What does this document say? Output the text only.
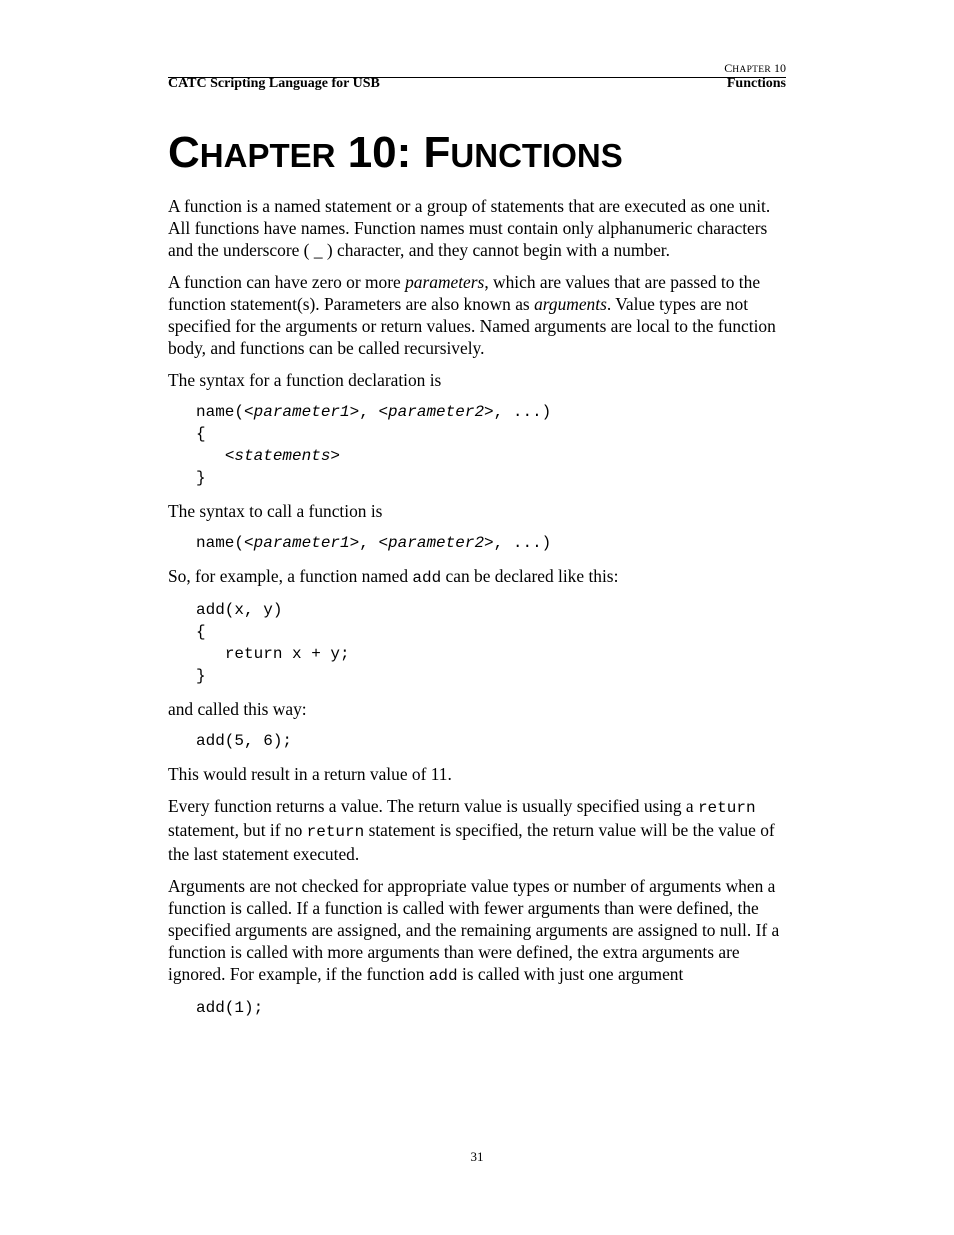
CHAPTER 10
CATC Scripting Language for USB	Functions
CHAPTER 10: FUNCTIONS

A function is a named statement or a group of statements that are executed as one unit. All functions have names. Function names must contain only alphanumeric characters and the underscore ( _ ) character, and they cannot begin with a number.

A function can have zero or more parameters, which are values that are passed to the function statement(s). Parameters are also known as arguments. Value types are not specified for the arguments or return values. Named arguments are local to the function body, and functions can be called recursively.

The syntax for a function declaration is

name(<parameter1>, <parameter2>, ...)
{
<statements>
}

The syntax to call a function is

name(<parameter1>, <parameter2>, ...)

So, for example, a function named add can be declared like this:

add(x, y)
{
return x + y;
}

and called this way:

add(5, 6);

This would result in a return value of 11.

Every function returns a value. The return value is usually specified using a return statement, but if no return statement is specified, the return value will be the value of the last statement executed.

Arguments are not checked for appropriate value types or number of arguments when a function is called. If a function is called with fewer arguments than were defined, the specified arguments are assigned, and the remaining arguments are assigned to null. If a function is called with more arguments than were defined, the extra arguments are ignored. For example, if the function add is called with just one argument

add(1);
31
